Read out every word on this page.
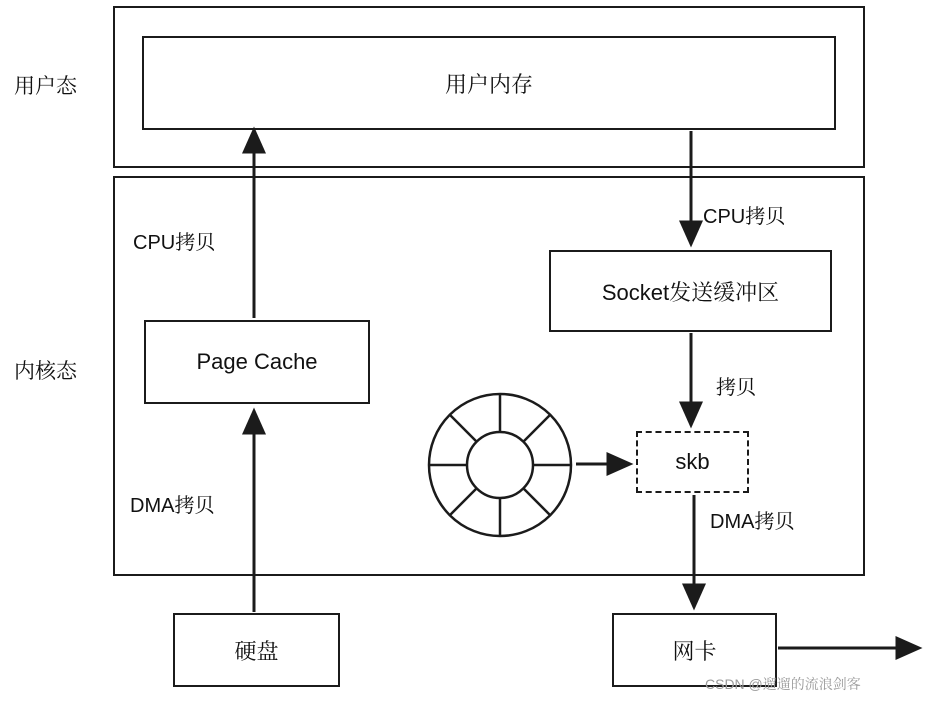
用户态
内核态
用户内存
Page Cache
Socket发送缓冲区
skb
硬盘	网卡
CPU拷贝
CPU拷贝
DMA拷贝
拷贝
DMA拷贝
CSDN @遛遛的流浪剑客
